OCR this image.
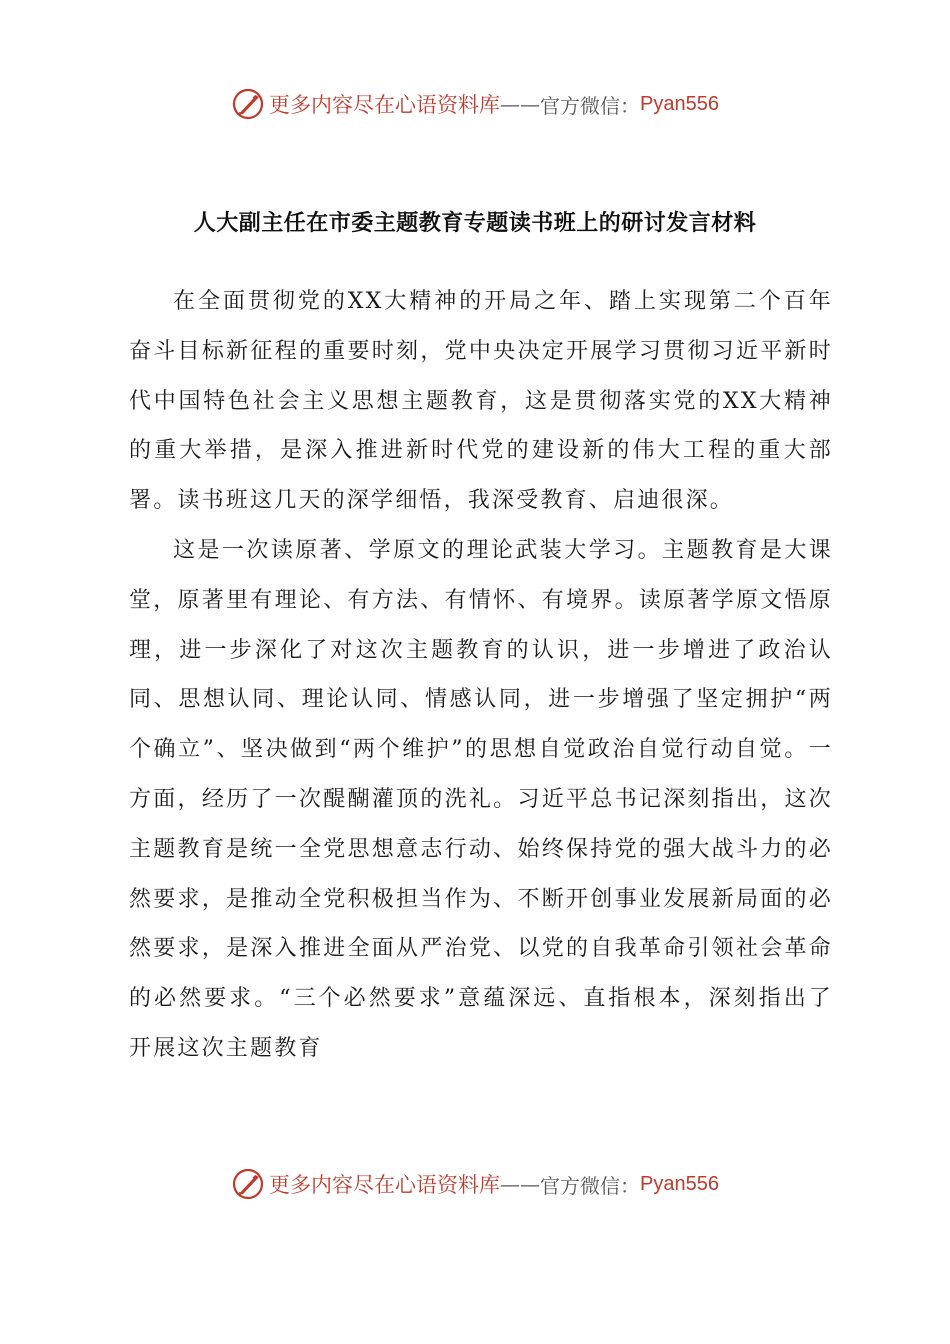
更多内容尽在心语资料库 —— 官方微信： Pyan556
人大副主任在市委主题教育专题读书班上的研讨发言材料

在全面贯彻党的XX大精神的开局之年、踏上实现第二个百年奋斗目标新征程的重要时刻，党中央决定开展学习贯彻习近平新时代中国特色社会主义思想主题教育，这是贯彻落实党的XX大精神的重大举措，是深入推进新时代党的建设新的伟大工程的重大部署。读书班这几天的深学细悟，我深受教育、启迪很深。

这是一次读原著、学原文的理论武装大学习。主题教育是大课堂，原著里有理论、有方法、有情怀、有境界。读原著学原文悟原理，进一步深化了对这次主题教育的认识，进一步增进了政治认同、思想认同、理论认同、情感认同，进一步增强了坚定拥护“两个确立”、坚决做到“两个维护”的思想自觉政治自觉行动自觉。一方面，经历了一次醍醐灌顶的洗礼。习近平总书记深刻指出，这次主题教育是统一全党思想意志行动、始终保持党的强大战斗力的必然要求，是推动全党积极担当作为、不断开创事业发展新局面的必然要求，是深入推进全面从严治党、以党的自我革命引领社会革命的必然要求。“三个必然要求”意蕴深远、直指根本，深刻指出了开展这次主题教育

更多内容尽在心语资料库 —— 官方微信： Pyan556
